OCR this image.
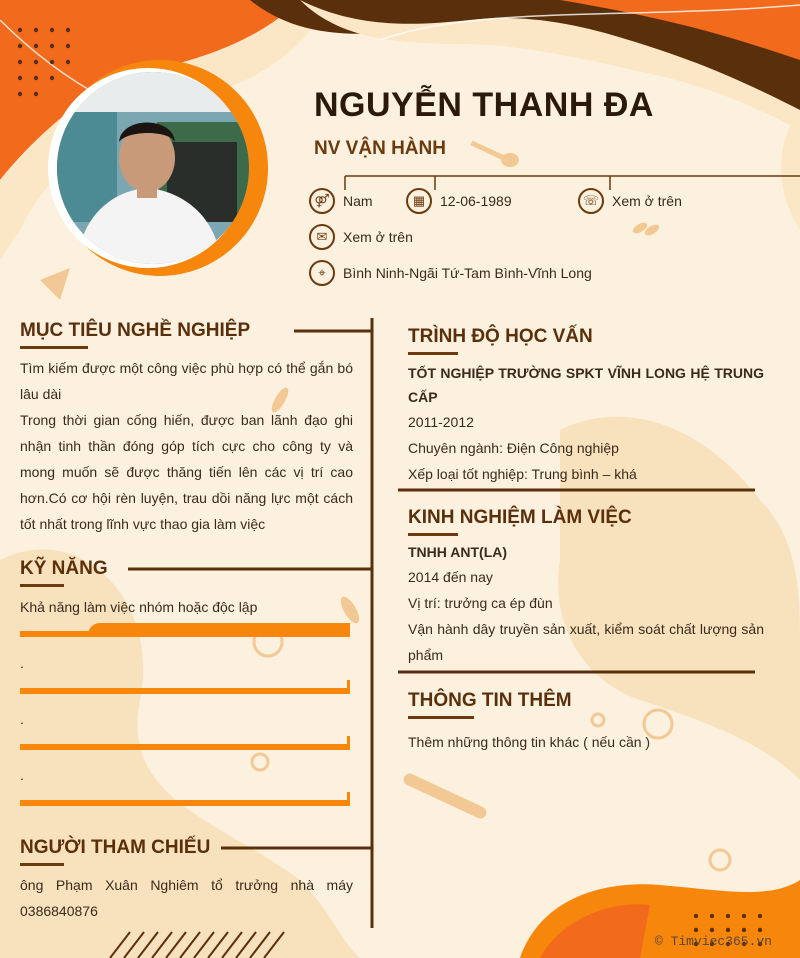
NGUYỄN THANH ĐA
NV VẬN HÀNH
⚤ Nam	▦	12-06-1989	☏ Xem ở trên
✉	Xem ở trên
⌖	Bình Ninh-Ngãi Tứ-Tam Bình-Vĩnh Long
MỤC TIÊU NGHỀ NGHIỆP
Tìm kiếm được một công việc phù hợp có thể gắn bó lâu dài
Trong thời gian cống hiến, được ban lãnh đạo ghi nhận tinh thần đóng góp tích cực cho công ty và mong muốn sẽ được thăng tiến lên các vị trí cao hơn.Có cơ hội rèn luyện, trau dồi năng lực một cách tốt nhất trong lĩnh vực thao gia làm việc
KỸ NĂNG
Khả năng làm việc nhóm hoặc độc lập
.
.
.
NGƯỜI THAM CHIẾU
ông Phạm Xuân Nghiêm tổ trưởng nhà máy 0386840876
TRÌNH ĐỘ HỌC VẤN
TỐT NGHIỆP TRƯỜNG SPKT VĨNH LONG HỆ TRUNG CẤP
2011-2012
Chuyên ngành: Điện Công nghiệp
Xếp loại tốt nghiệp: Trung bình – khá
KINH NGHIỆM LÀM VIỆC
TNHH ANT(LA)
2014 đến nay
Vị trí: trưởng ca ép đùn
Vận hành dây truyền sản xuất, kiểm soát chất lượng sản phẩm
THÔNG TIN THÊM
Thêm những thông tin khác ( nếu cần )
© Timviec365.vn
